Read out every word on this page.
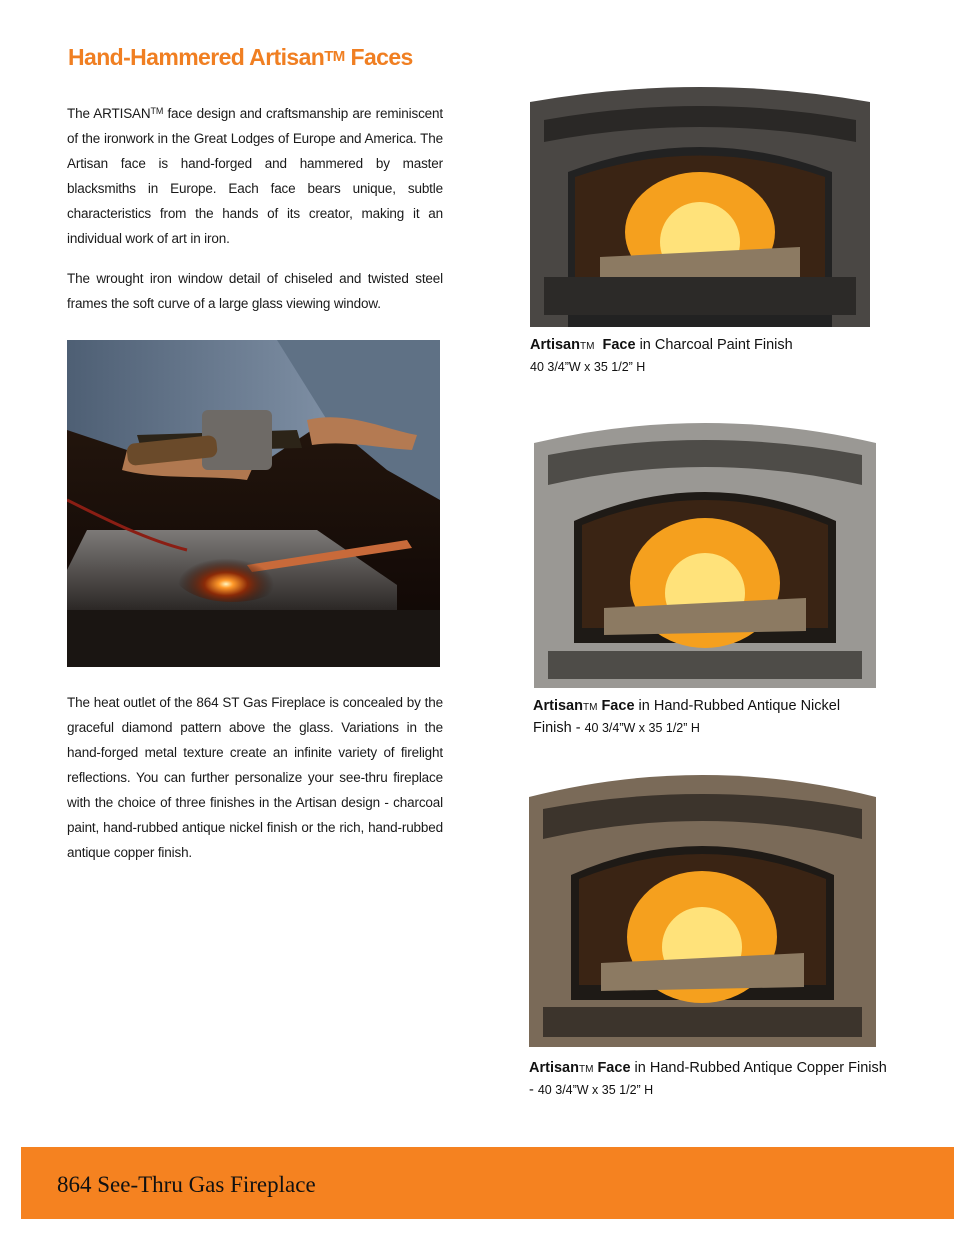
Hand-Hammered Artisan™ Faces
The ARTISAN™ face design and craftsmanship are reminiscent of the ironwork in the Great Lodges of Europe and America. The Artisan face is hand-forged and hammered by master blacksmiths in Europe. Each face bears unique, subtle characteristics from the hands of its creator, making it an individual work of art in iron.
The wrought iron window detail of chiseled and twisted steel frames the soft curve of a large glass viewing window.
The heat outlet of the 864 ST Gas Fireplace is concealed by the graceful diamond pattern above the glass. Variations in the hand-forged metal texture create an infinite variety of firelight reflections. You can further personalize your see-thru fireplace with the choice of three finishes in the Artisan design - charcoal paint, hand-rubbed antique nickel finish or the rich, hand-rubbed antique copper finish.
ArtisanTM Face in Charcoal Paint Finish
40 3/4”W x 35 1/2” H
ArtisanTM Face in Hand-Rubbed Antique Nickel Finish - 40 3/4”W x 35 1/2” H
ArtisanTM Face in Hand-Rubbed Antique Copper Finish - 40 3/4”W x 35 1/2” H
864 See-Thru Gas Fireplace
